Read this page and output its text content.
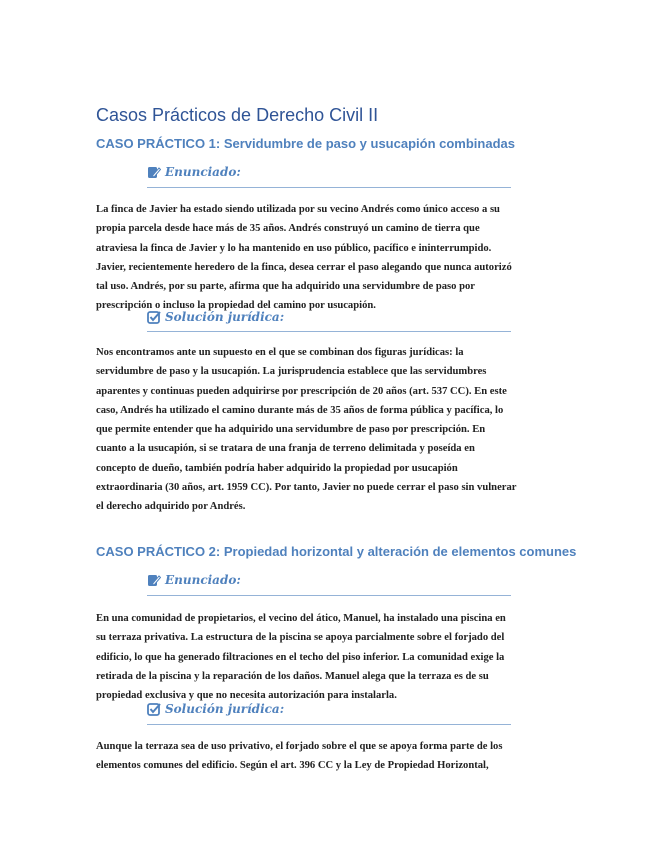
Casos Prácticos de Derecho Civil II
CASO PRÁCTICO 1: Servidumbre de paso y usucapión combinadas
Enunciado:
La finca de Javier ha estado siendo utilizada por su vecino Andrés como único acceso a su
propia parcela desde hace más de 35 años. Andrés construyó un camino de tierra que
atraviesa la finca de Javier y lo ha mantenido en uso público, pacífico e ininterrumpido.
Javier, recientemente heredero de la finca, desea cerrar el paso alegando que nunca autorizó
tal uso. Andrés, por su parte, afirma que ha adquirido una servidumbre de paso por
prescripción o incluso la propiedad del camino por usucapión.
Solución jurídica:
Nos encontramos ante un supuesto en el que se combinan dos figuras jurídicas: la
servidumbre de paso y la usucapión. La jurisprudencia establece que las servidumbres
aparentes y continuas pueden adquirirse por prescripción de 20 años (art. 537 CC). En este
caso, Andrés ha utilizado el camino durante más de 35 años de forma pública y pacífica, lo
que permite entender que ha adquirido una servidumbre de paso por prescripción. En
cuanto a la usucapión, si se tratara de una franja de terreno delimitada y poseída en
concepto de dueño, también podría haber adquirido la propiedad por usucapión
extraordinaria (30 años, art. 1959 CC). Por tanto, Javier no puede cerrar el paso sin vulnerar
el derecho adquirido por Andrés.
CASO PRÁCTICO 2: Propiedad horizontal y alteración de elementos comunes
Enunciado:
En una comunidad de propietarios, el vecino del ático, Manuel, ha instalado una piscina en
su terraza privativa. La estructura de la piscina se apoya parcialmente sobre el forjado del
edificio, lo que ha generado filtraciones en el techo del piso inferior. La comunidad exige la
retirada de la piscina y la reparación de los daños. Manuel alega que la terraza es de su
propiedad exclusiva y que no necesita autorización para instalarla.
Solución jurídica:
Aunque la terraza sea de uso privativo, el forjado sobre el que se apoya forma parte de los
elementos comunes del edificio. Según el art. 396 CC y la Ley de Propiedad Horizontal,
